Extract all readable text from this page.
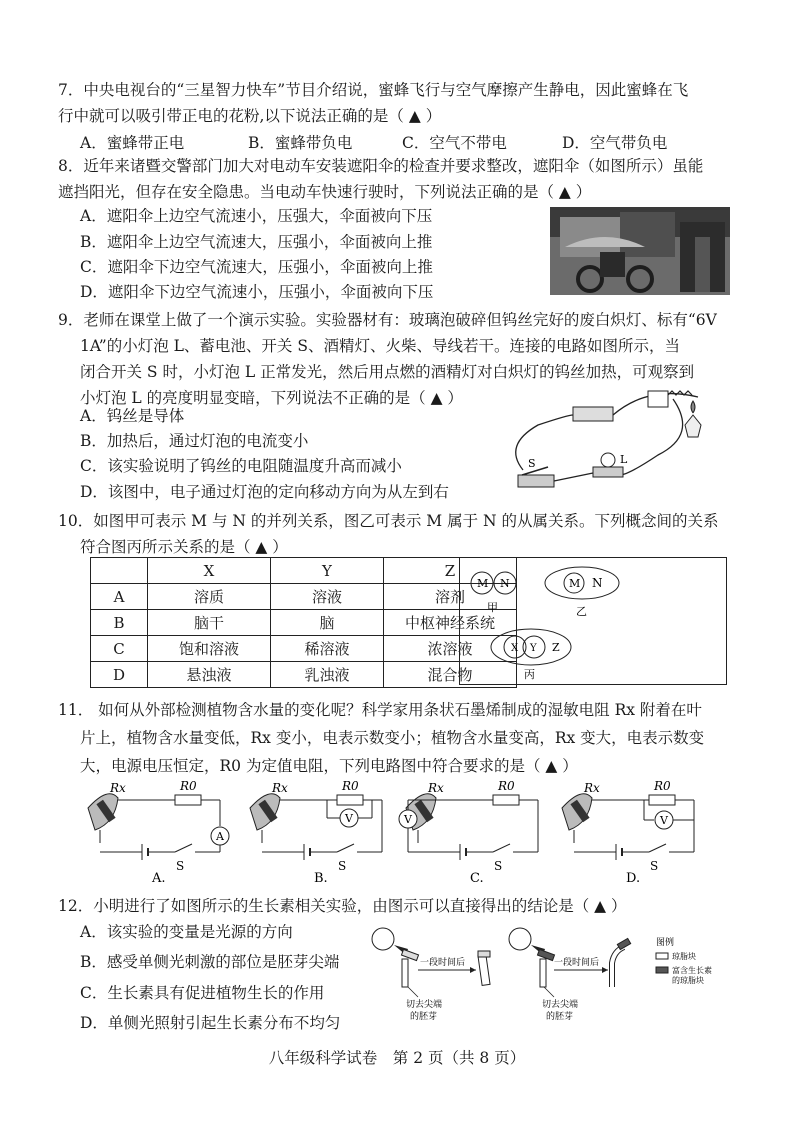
7．中央电视台的“三星智力快车”节目介绍说，蜜蜂飞行与空气摩擦产生静电，因此蜜蜂在飞
行中就可以吸引带正电的花粉,以下说法正确的是（ ▲ ）
A．蜜蜂带正电	B．蜜蜂带负电	C．空气不带电	D．空气带负电
8．近年来诸暨交警部门加大对电动车安装遮阳伞的检查并要求整改，遮阳伞（如图所示）虽能
遮挡阳光，但存在安全隐患。当电动车快速行驶时，下列说法正确的是（ ▲ ）
A．遮阳伞上边空气流速小，压强大，伞面被向下压
B．遮阳伞上边空气流速大，压强小，伞面被向上推
C．遮阳伞下边空气流速大，压强小，伞面被向上推
D．遮阳伞下边空气流速小，压强小，伞面被向下压
9．老师在课堂上做了一个演示实验。实验器材有：玻璃泡破碎但钨丝完好的废白炽灯、标有“6V
1A”的小灯泡 L、蓄电池、开关 S、酒精灯、火柴、导线若干。连接的电路如图所示，当
闭合开关 S 时，小灯泡 L 正常发光，然后用点燃的酒精灯对白炽灯的钨丝加热，可观察到
小灯泡 L 的亮度明显变暗，下列说法不正确的是（ ▲ ）
A．钨丝是导体
B．加热后，通过灯泡的电流变小
C．该实验说明了钨丝的电阻随温度升高而减小
D．该图中，电子通过灯泡的定向移动方向为从左到右
L
S
10．如图甲可表示 M 与 N 的并列关系，图乙可表示 M 属于 N 的从属关系。下列概念间的关系
符合图丙所示关系的是（ ▲ ）
	X	Y	Z
A	溶质	溶液	溶剂
B	脑干	脑	中枢神经系统
C	饱和溶液	稀溶液	浓溶液
D	悬浊液	乳浊液	混合物
M N
甲
M N
乙
X Y Z
丙
11． 如何从外部检测植物含水量的变化呢？科学家用条状石墨烯制成的湿敏电阻 Rx 附着在叶
片上，植物含水量变低，Rx 变小，电表示数变小；植物含水量变高，Rx 变大，电表示数变
大，电源电压恒定，R0 为定值电阻，下列电路图中符合要求的是（ ▲ ）
Rx	R0
A
S
A.
Rx	R0
V
S
B.
Rx	R0
V
S
C.
Rx	R0
V
S
D.
12．小明进行了如图所示的生长素相关实验，由图示可以直接得出的结论是（ ▲ ）
A．该实验的变量是光源的方向
B．感受单侧光刺激的部位是胚芽尖端
C．生长素具有促进植物生长的作用
D．单侧光照射引起生长素分布不均匀
一段时间后
切去尖端
的胚芽
一段时间后
切去尖端
的胚芽
图例
琼脂块
富含生长素
的琼脂块
八年级科学试卷　第 2 页（共 8 页）
